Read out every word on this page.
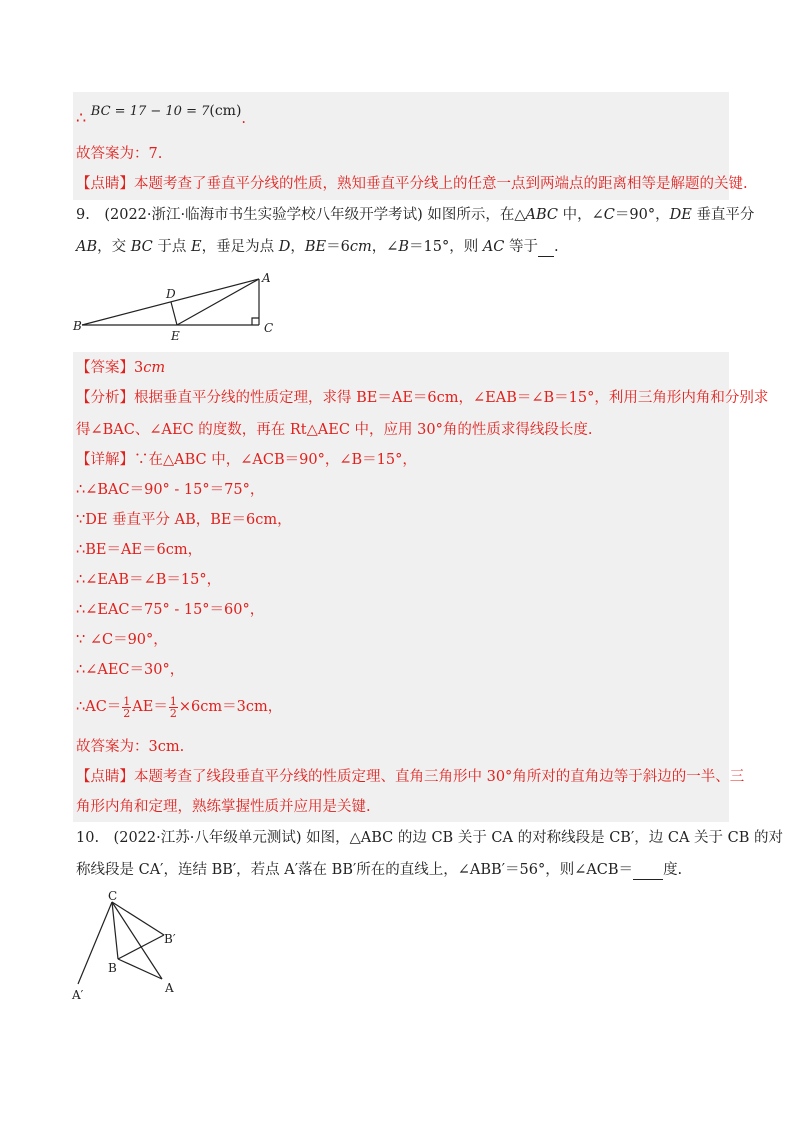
∴ BC = 17 − 10 = 7(cm).
故答案为：7.
【点睛】本题考查了垂直平分线的性质，熟知垂直平分线上的任意一点到两端点的距离相等是解题的关键.
9.　(2022·浙江·临海市书生实验学校八年级开学考试) 如图所示，在△ABC 中，∠C＝90°，DE 垂直平分
AB，交 BC 于点 E，垂足为点 D，BE＝6cm，∠B＝15°，则 AC 等于 .
A
B	C
D
E
【答案】3cm
【分析】根据垂直平分线的性质定理，求得 BE＝AE＝6cm，∠EAB＝∠B＝15°，利用三角形内角和分别求
得∠BAC、∠AEC 的度数，再在 Rt△AEC 中，应用 30°角的性质求得线段长度.
【详解】∵在△ABC 中，∠ACB＝90°，∠B＝15°，
∴∠BAC＝90° - 15°＝75°，
∵DE 垂直平分 AB，BE＝6cm，
∴BE＝AE＝6cm，
∴∠EAB＝∠B＝15°，
∴∠EAC＝75° - 15°＝60°，
∵ ∠C＝90°，
∴∠AEC＝30°，
∴AC＝ $\frac{1}{2} AE= \frac{1}{2} \times 6cm=3cm$，
故答案为：3cm.
【点睛】本题考查了线段垂直平分线的性质定理、直角三角形中 30°角所对的直角边等于斜边的一半、三
角形内角和定理，熟练掌握性质并应用是关键.
10.　(2022·江苏·八年级单元测试) 如图，△ABC 的边 CB 关于 CA 的对称线段是 CB′，边 CA 关于 CB 的对
称线段是 CA′，连结 BB′，若点 A′落在 BB′所在的直线上，∠ABB′＝56°，则∠ACB＝ 度.
C
B′
B
A
A′
